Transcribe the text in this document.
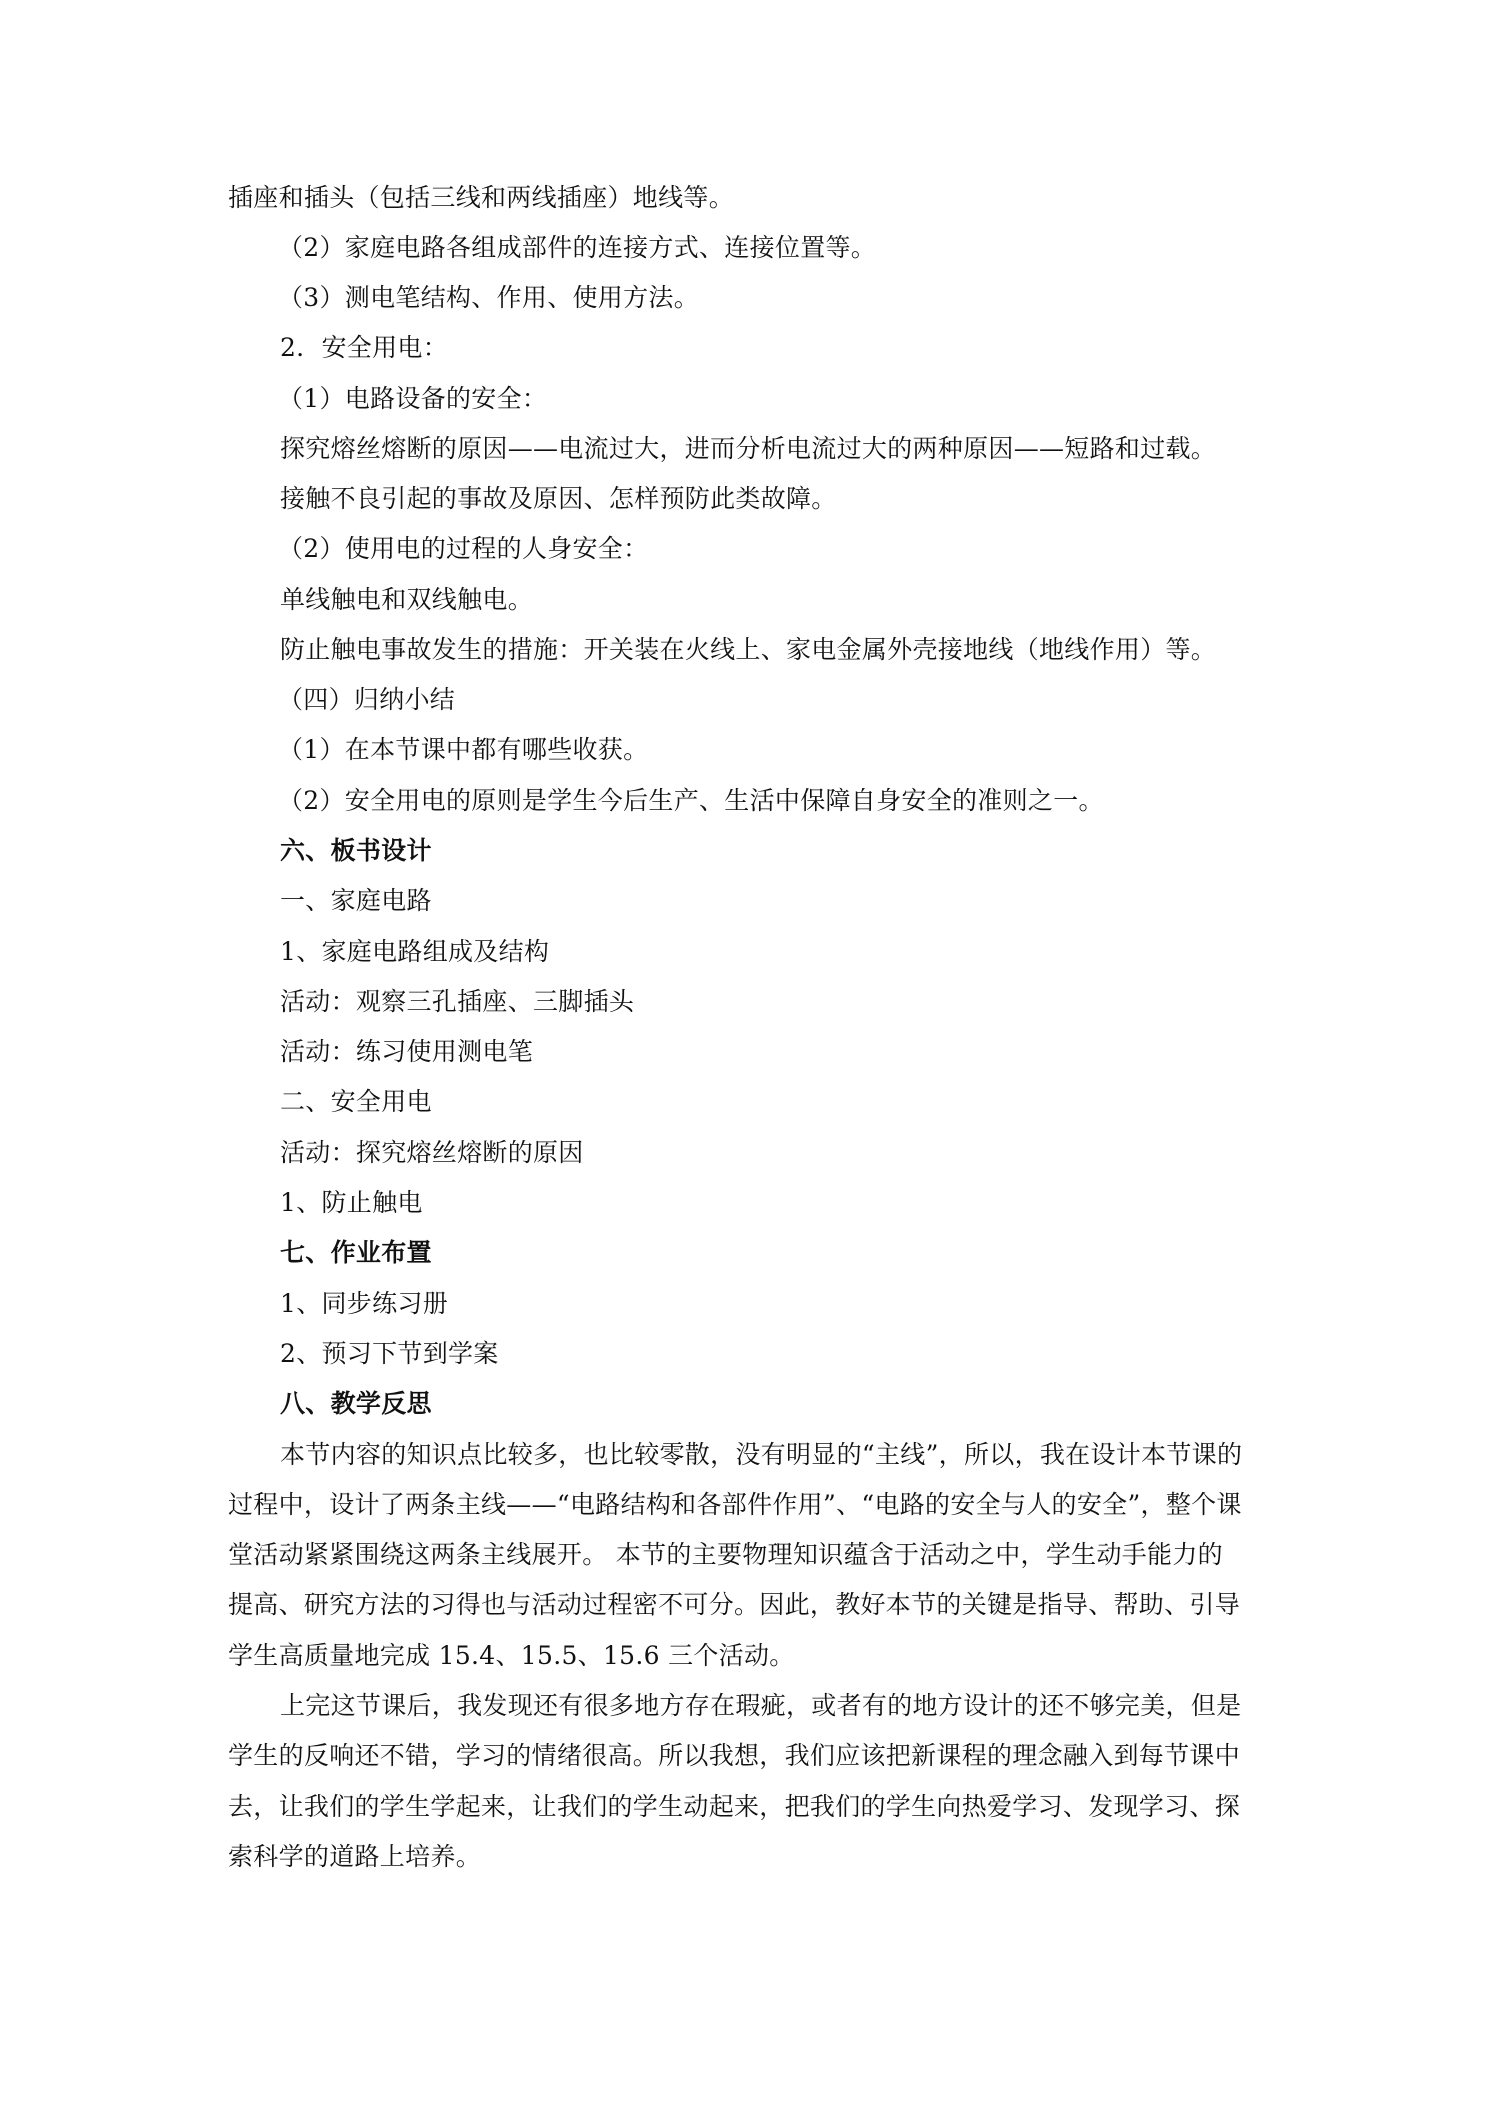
插座和插头（包括三线和两线插座）地线等。
（2）家庭电路各组成部件的连接方式、连接位置等。
（3）测电笔结构、作用、使用方法。
2．安全用电：
（1）电路设备的安全：
探究熔丝熔断的原因——电流过大，进而分析电流过大的两种原因——短路和过载。
接触不良引起的事故及原因、怎样预防此类故障。
（2）使用电的过程的人身安全：
单线触电和双线触电。
防止触电事故发生的措施：开关装在火线上、家电金属外壳接地线（地线作用）等。
（四）归纳小结
（1）在本节课中都有哪些收获。
（2）安全用电的原则是学生今后生产、生活中保障自身安全的准则之一。
六、板书设计
一、家庭电路
1、家庭电路组成及结构
活动：观察三孔插座、三脚插头
活动：练习使用测电笔
二、安全用电
活动：探究熔丝熔断的原因
1、防止触电
七、作业布置
1、同步练习册
2、预习下节到学案
八、教学反思
本节内容的知识点比较多，也比较零散，没有明显的“主线”，所以，我在设计本节课的
过程中，设计了两条主线——“电路结构和各部件作用”、“电路的安全与人的安全”，整个课
堂活动紧紧围绕这两条主线展开。 本节的主要物理知识蕴含于活动之中，学生动手能力的
提高、研究方法的习得也与活动过程密不可分。因此，教好本节的关键是指导、帮助、引导
学生高质量地完成 15.4、15.5、15.6 三个活动。
上完这节课后，我发现还有很多地方存在瑕疵，或者有的地方设计的还不够完美，但是
学生的反响还不错，学习的情绪很高。所以我想，我们应该把新课程的理念融入到每节课中
去，让我们的学生学起来，让我们的学生动起来，把我们的学生向热爱学习、发现学习、探
索科学的道路上培养。
